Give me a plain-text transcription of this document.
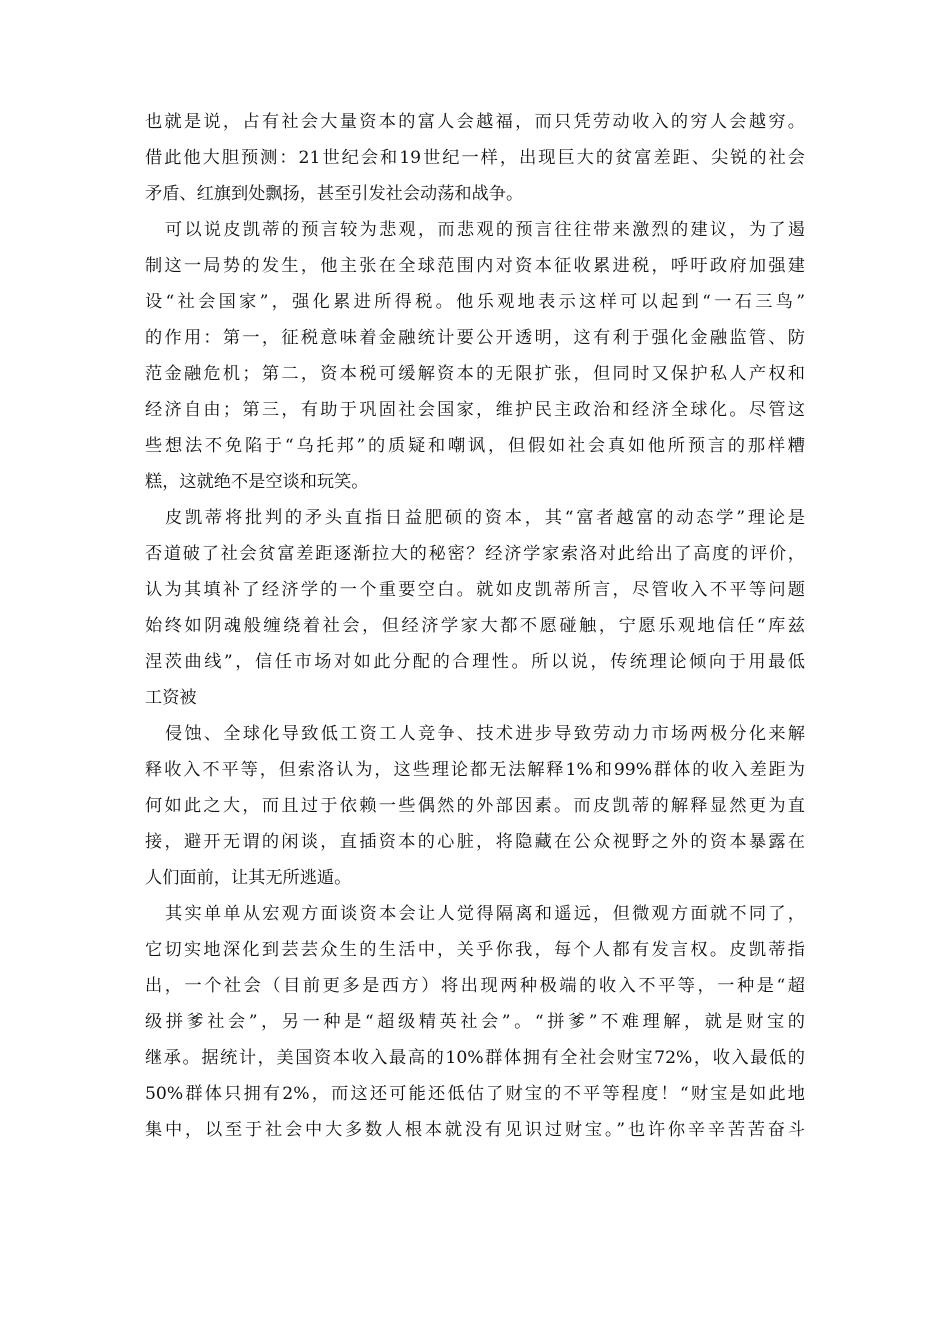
也就是说，占有社会大量资本的富人会越福，而只凭劳动收入的穷人会越穷。
借此他大胆预测：21世纪会和19世纪一样，出现巨大的贫富差距、尖锐的社会
矛盾、红旗到处飘扬，甚至引发社会动荡和战争。
可以说皮凯蒂的预言较为悲观，而悲观的预言往往带来激烈的建议，为了遏
制这一局势的发生，他主张在全球范围内对资本征收累进税，呼吁政府加强建
设“社会国家”，强化累进所得税。他乐观地表示这样可以起到“一石三鸟”
的作用：第一，征税意味着金融统计要公开透明，这有利于强化金融监管、防
范金融危机；第二，资本税可缓解资本的无限扩张，但同时又保护私人产权和
经济自由；第三，有助于巩固社会国家，维护民主政治和经济全球化。尽管这
些想法不免陷于“乌托邦”的质疑和嘲讽，但假如社会真如他所预言的那样糟
糕，这就绝不是空谈和玩笑。
皮凯蒂将批判的矛头直指日益肥硕的资本，其“富者越富的动态学”理论是
否道破了社会贫富差距逐渐拉大的秘密？经济学家索洛对此给出了高度的评价，
认为其填补了经济学的一个重要空白。就如皮凯蒂所言，尽管收入不平等问题
始终如阴魂般缠绕着社会，但经济学家大都不愿碰触，宁愿乐观地信任“库兹
涅茨曲线”，信任市场对如此分配的合理性。所以说，传统理论倾向于用最低
工资被
侵蚀、全球化导致低工资工人竞争、技术进步导致劳动力市场两极分化来解
释收入不平等，但索洛认为，这些理论都无法解释1%和99%群体的收入差距为
何如此之大，而且过于依赖一些偶然的外部因素。而皮凯蒂的解释显然更为直
接，避开无谓的闲谈，直插资本的心脏，将隐藏在公众视野之外的资本暴露在
人们面前，让其无所逃遁。
其实单单从宏观方面谈资本会让人觉得隔离和遥远，但微观方面就不同了，
它切实地深化到芸芸众生的生活中，关乎你我，每个人都有发言权。皮凯蒂指
出，一个社会（目前更多是西方）将出现两种极端的收入不平等，一种是“超
级拼爹社会”，另一种是“超级精英社会”。“拼爹”不难理解，就是财宝的
继承。据统计，美国资本收入最高的10%群体拥有全社会财宝72%，收入最低的
50%群体只拥有2%，而这还可能还低估了财宝的不平等程度！“财宝是如此地
集中，以至于社会中大多数人根本就没有见识过财宝。”也许你辛辛苦苦奋斗
